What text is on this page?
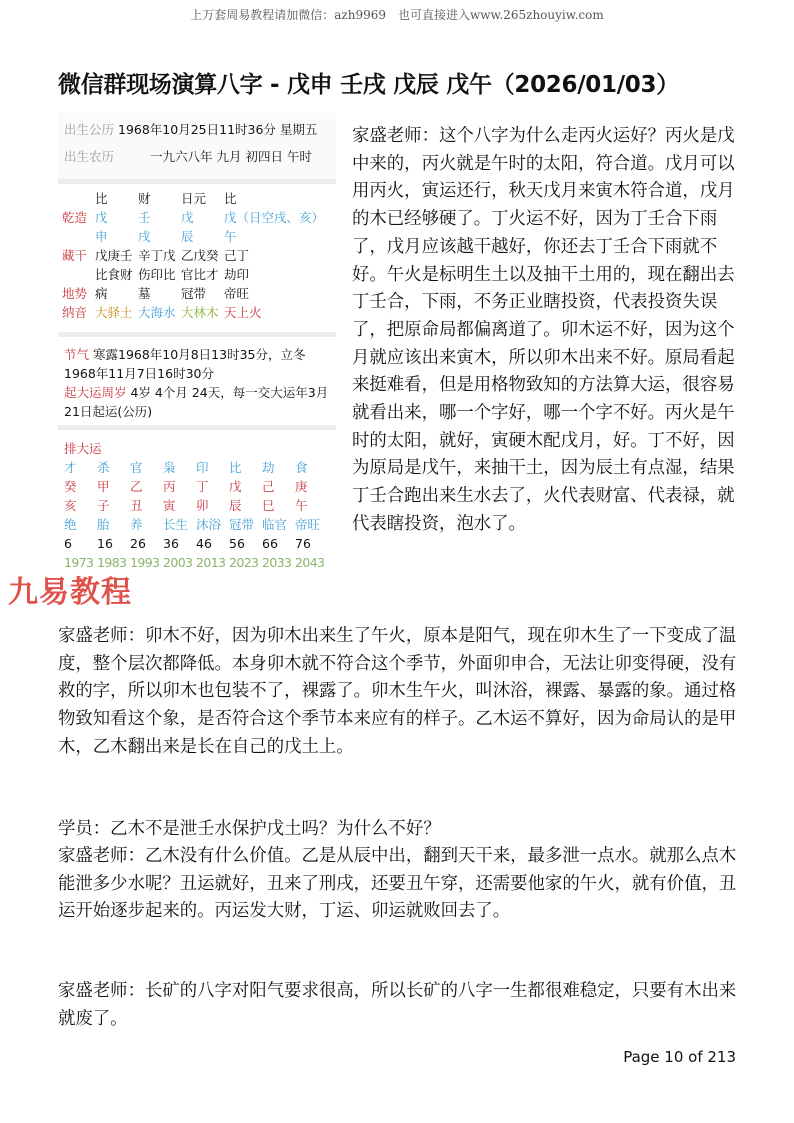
上万套周易教程请加微信：azh9969　也可直接进入www.265zhouyiw.com
微信群现场演算八字 - 戊申 壬戌 戊辰 戊午（2026/01/03）
出生公历 1968年10月25日11时36分 星期五
出生农历	一九六八年 九月 初四日 午时
比 财 日元 比
戊 壬 戊 戊（日空戌、亥）
申 戌 辰 午
戊庚壬 辛丁戊 乙戊癸 己丁
比食财 伤印比 官比才 劫印
病 墓 冠带 帝旺
大驿土 大海水 大林木 天上火
乾造
藏干
地势
纳音
节气 寒露1968年10月8日13时35分，立冬1968年11月7日16时30分
起大运周岁 4岁 4个月 24天，每一交大运年3月 21日起运(公历)
排大运
才
癸
亥
绝
6
1973
杀
甲
子
胎
16
1983
官
乙
丑
养
26
1993
枭
丙
寅
长生
36
2003
印
丁
卯
沐浴
46
2013
比
戊
辰
冠带
56
2023
劫
己
巳
临官
66
2033
食
庚
午
帝旺
76
2043
九易教程
家盛老师：这个八字为什么走丙火运好？丙火是戊中来的，丙火就是午时的太阳，符合道。戊月可以用丙火，寅运还行，秋天戊月来寅木符合道，戊月的木已经够硬了。丁火运不好，因为丁壬合下雨了，戊月应该越干越好，你还去丁壬合下雨就不好。午火是标明生土以及抽干土用的，现在翻出去丁壬合，下雨，不务正业瞎投资，代表投资失误了，把原命局都偏离道了。卯木运不好，因为这个月就应该出来寅木，所以卯木出来不好。原局看起来挺难看，但是用格物致知的方法算大运，很容易就看出来，哪一个字好，哪一个字不好。丙火是午时的太阳，就好，寅硬木配戊月，好。丁不好，因为原局是戊午，来抽干土，因为辰土有点湿，结果丁壬合跑出来生水去了，火代表财富、代表禄，就代表瞎投资，泡水了。

家盛老师：卯木不好，因为卯木出来生了午火，原本是阳气，现在卯木生了一下变成了温度，整个层次都降低。本身卯木就不符合这个季节，外面卯申合，无法让卯变得硬，没有救的字，所以卯木也包装不了，裸露了。卯木生午火，叫沐浴，裸露、暴露的象。通过格物致知看这个象，是否符合这个季节本来应有的样子。乙木运不算好，因为命局认的是甲木，乙木翻出来是长在自己的戊土上。

学员：乙木不是泄壬水保护戊土吗？为什么不好？

家盛老师：乙木没有什么价值。乙是从辰中出，翻到天干来，最多泄一点水。就那么点木能泄多少水呢？丑运就好，丑来了刑戌，还要丑午穿，还需要他家的午火，就有价值，丑运开始逐步起来的。丙运发大财，丁运、卯运就败回去了。

家盛老师：长矿的八字对阳气要求很高，所以长矿的八字一生都很难稳定，只要有木出来就废了。

Page 10 of 213
